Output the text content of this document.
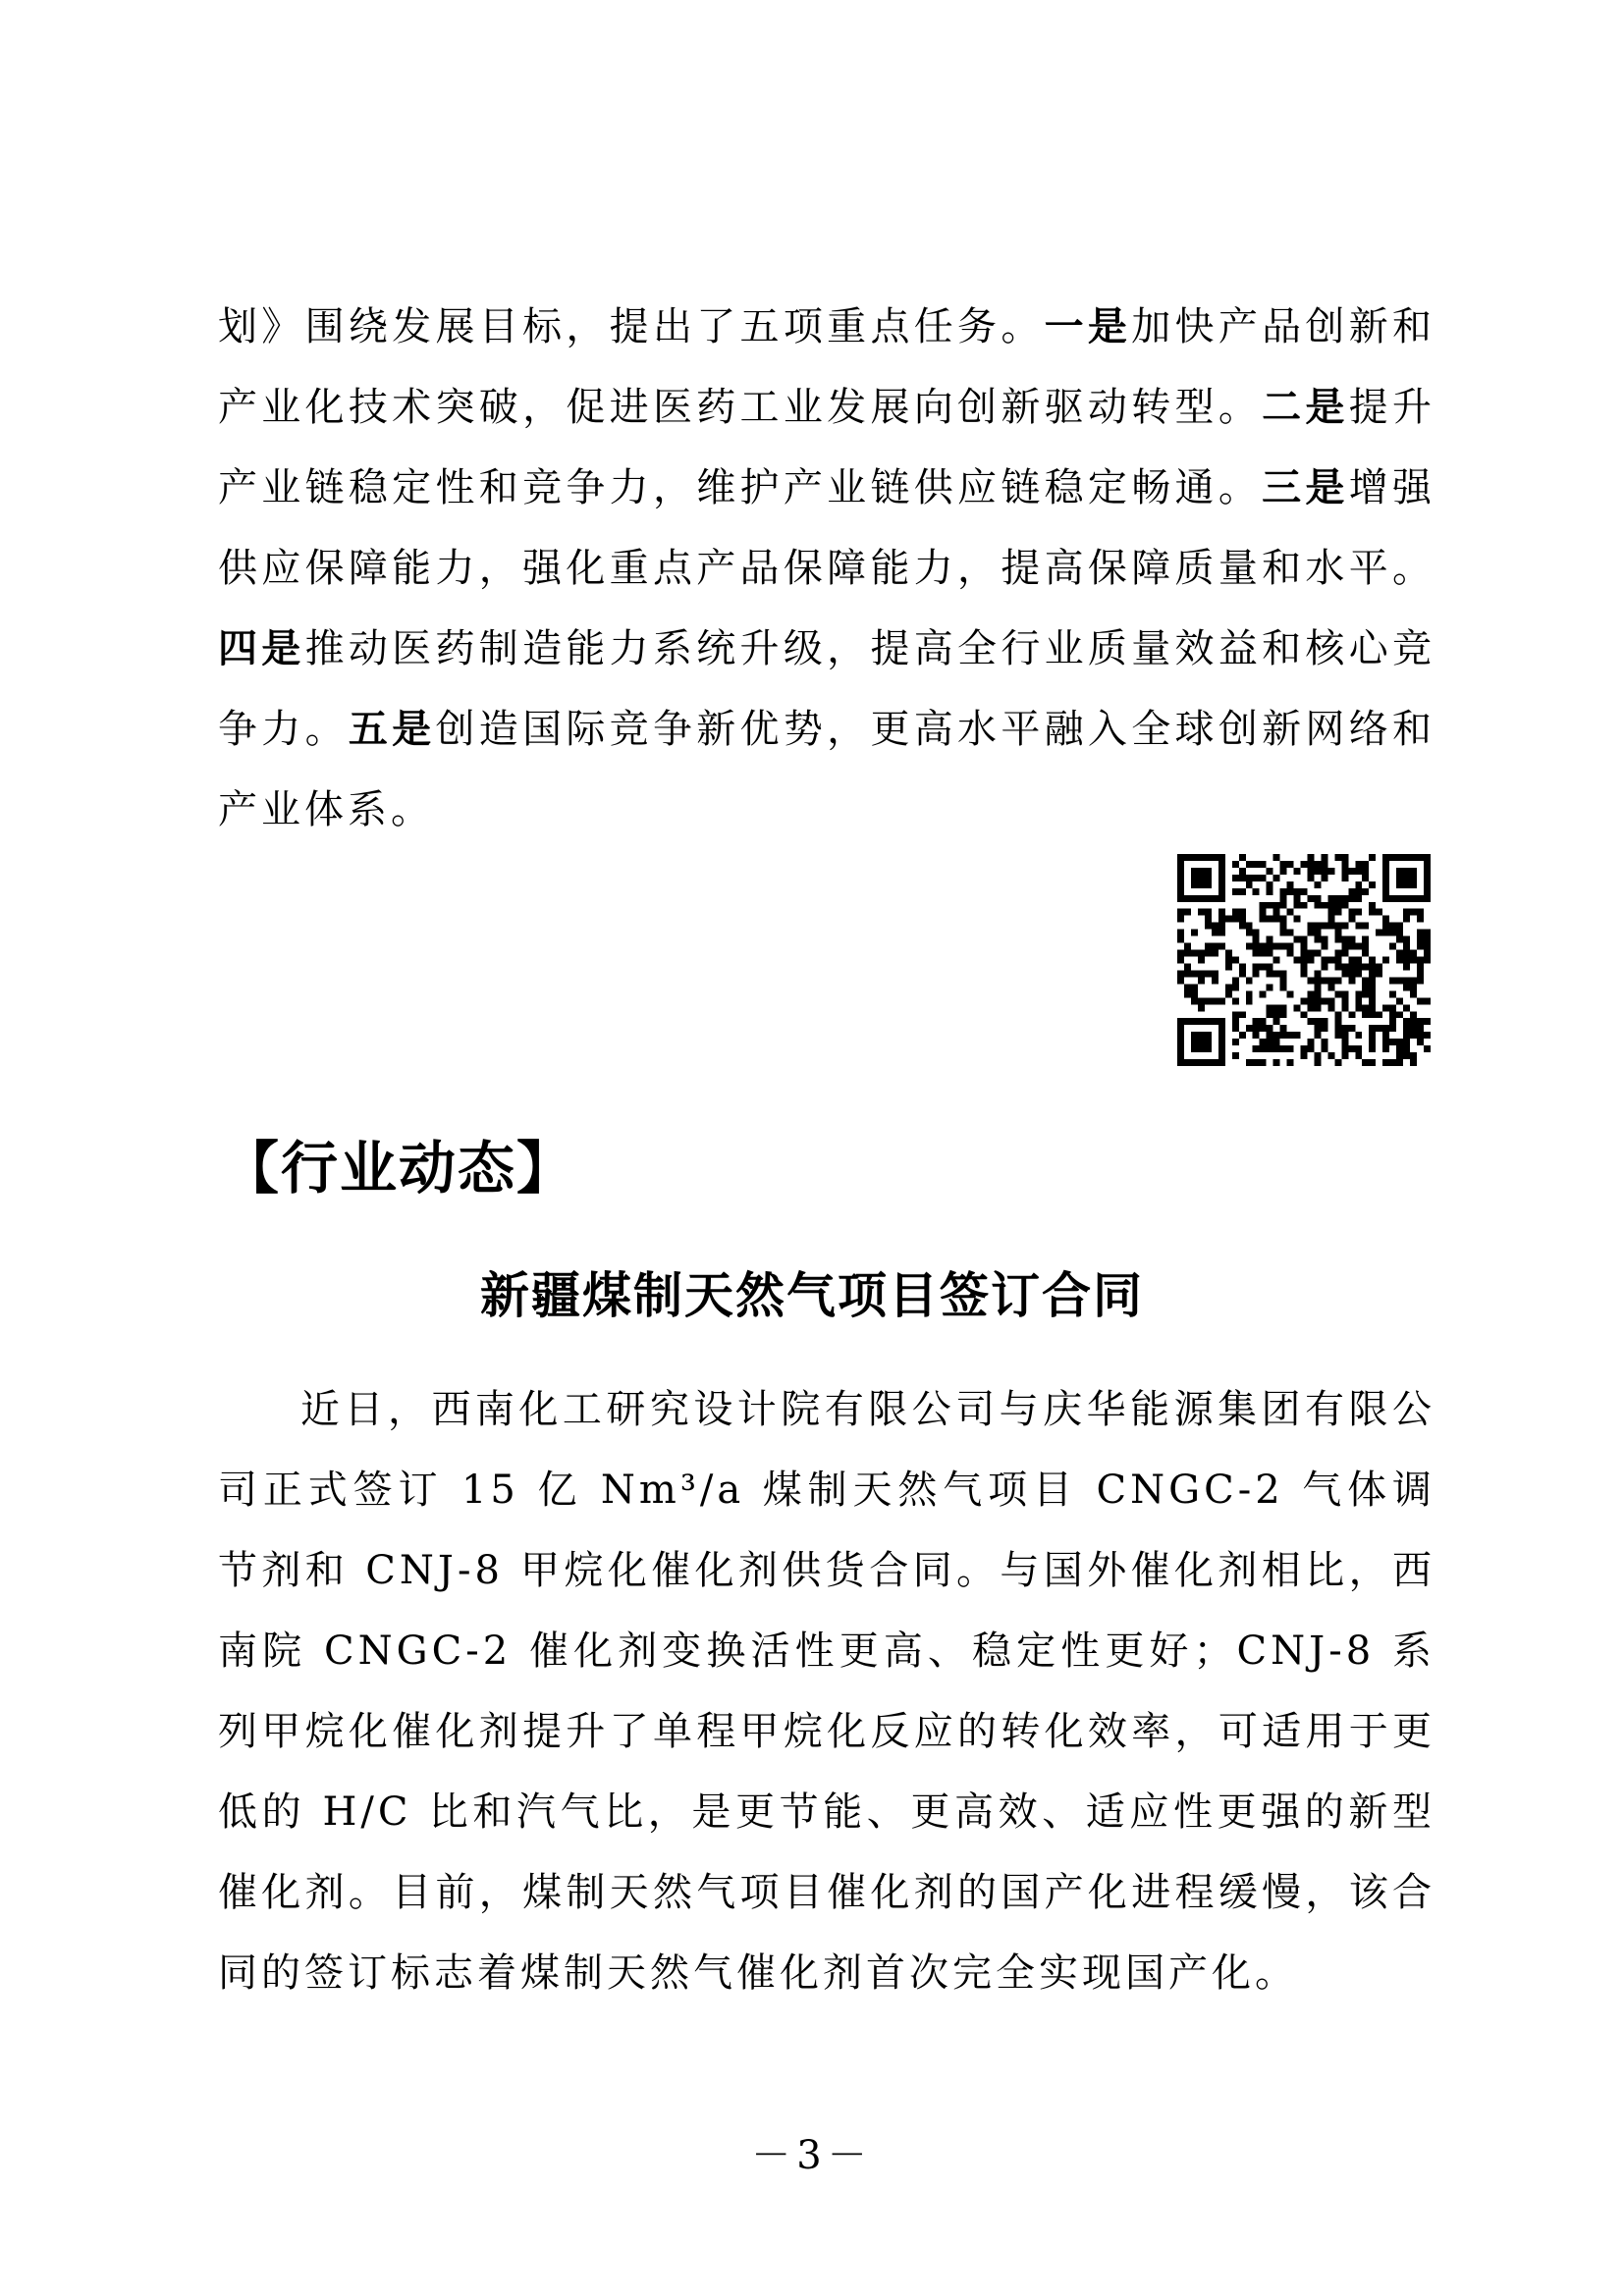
划》围绕发展目标，提出了五项重点任务。一是加快产品创新和产业化技术突破，促进医药工业发展向创新驱动转型。二是提升产业链稳定性和竞争力，维护产业链供应链稳定畅通。三是增强供应保障能力，强化重点产品保障能力，提高保障质量和水平。四是推动医药制造能力系统升级，提高全行业质量效益和核心竞争力。五是创造国际竞争新优势，更高水平融入全球创新网络和产业体系。
【行业动态】
新疆煤制天然气项目签订合同
近日，西南化工研究设计院有限公司与庆华能源集团有限公司正式签订 15 亿 Nm³/a 煤制天然气项目 CNGC-2 气体调节剂和 CNJ-8 甲烷化催化剂供货合同。与国外催化剂相比，西南院 CNGC-2 催化剂变换活性更高、稳定性更好；CNJ-8 系列甲烷化催化剂提升了单程甲烷化反应的转化效率，可适用于更低的 H/C 比和汽气比，是更节能、更高效、适应性更强的新型催化剂。目前，煤制天然气项目催化剂的国产化进程缓慢，该合同的签订标志着煤制天然气催化剂首次完全实现国产化。
－3－
